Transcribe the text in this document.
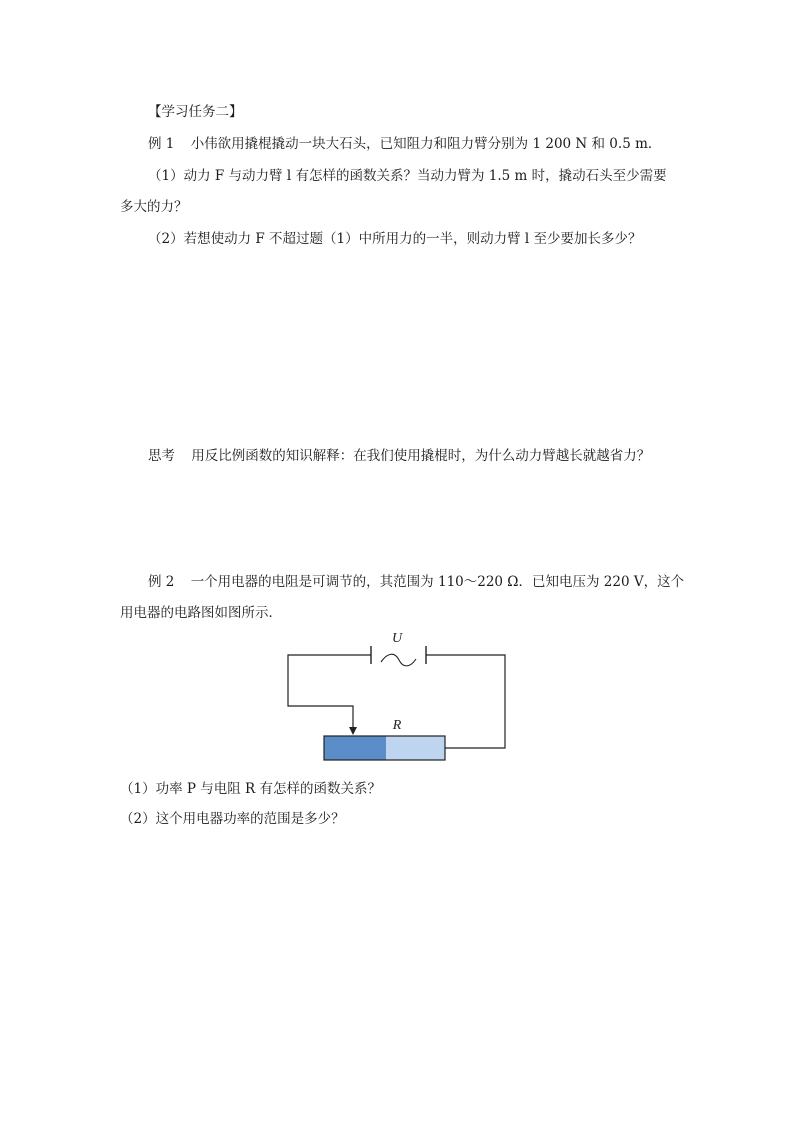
【学习任务二】
例 1 小伟欲用撬棍撬动一块大石头，已知阻力和阻力臂分别为 1 200 N 和 0.5 m．
（1）动力 F 与动力臂 l 有怎样的函数关系？当动力臂为 1.5 m 时，撬动石头至少需要
多大的力？
（2）若想使动力 F 不超过题（1）中所用力的一半，则动力臂 l 至少要加长多少？
思考 用反比例函数的知识解释：在我们使用撬棍时，为什么动力臂越长就越省力？
例 2 一个用电器的电阻是可调节的，其范围为 110～220 Ω．已知电压为 220 V，这个
用电器的电路图如图所示．
U
R
（1）功率 P 与电阻 R 有怎样的函数关系？
（2）这个用电器功率的范围是多少？
